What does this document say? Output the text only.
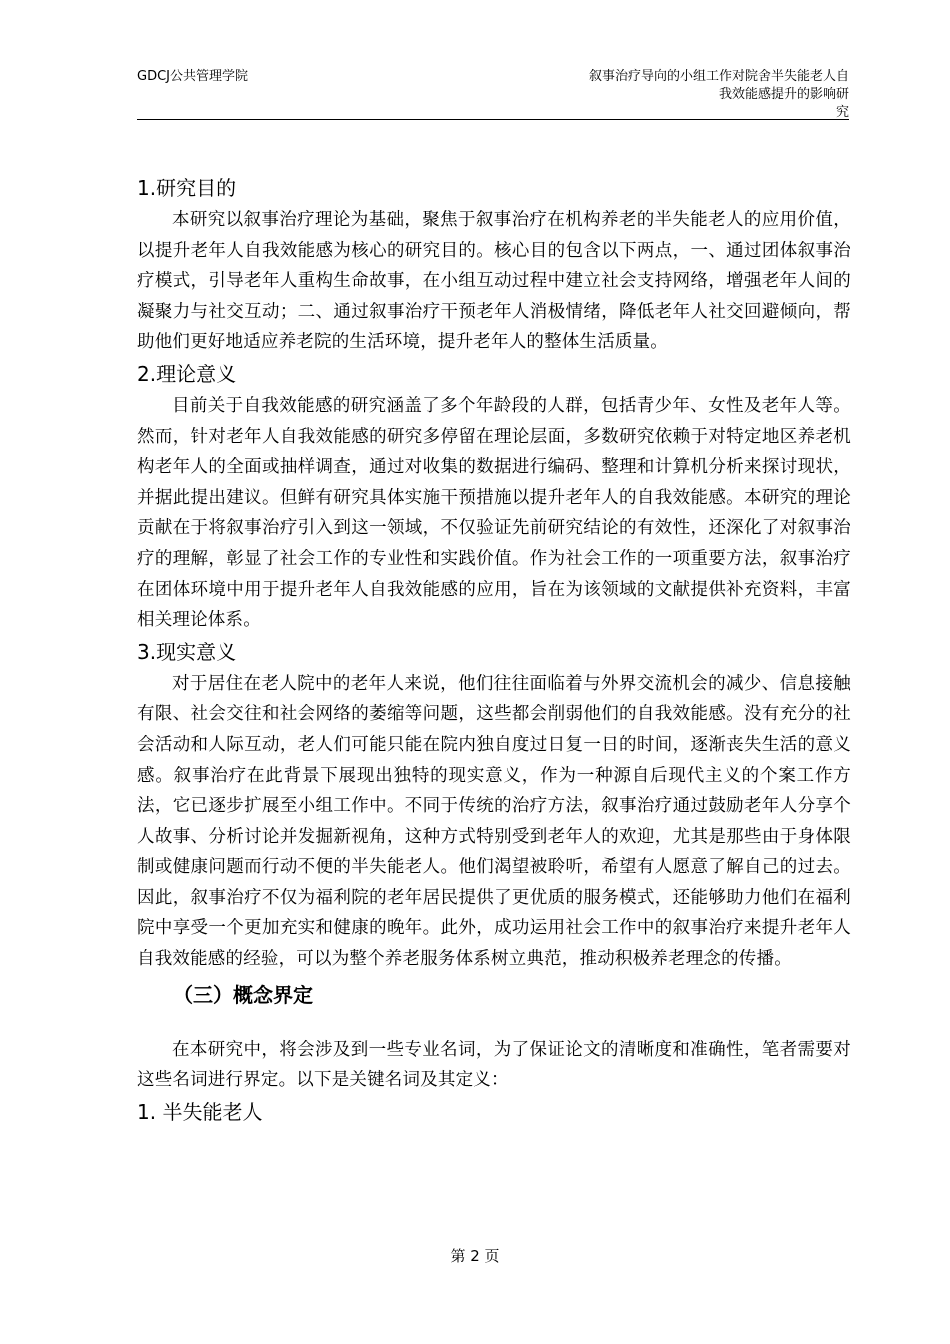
GDCJ公共管理学院	叙事治疗导向的小组工作对院舍半失能老人自
我效能感提升的影响研
究
1.研究目的

本研究以叙事治疗理论为基础，聚焦于叙事治疗在机构养老的半失能老人的应用价值，以提升老年人自我效能感为核心的研究目的。核心目的包含以下两点，一、通过团体叙事治疗模式，引导老年人重构生命故事，在小组互动过程中建立社会支持网络，增强老年人间的凝聚力与社交互动；二、通过叙事治疗干预老年人消极情绪，降低老年人社交回避倾向，帮助他们更好地适应养老院的生活环境，提升老年人的整体生活质量。

2.理论意义

目前关于自我效能感的研究涵盖了多个年龄段的人群，包括青少年、女性及老年人等。然而，针对老年人自我效能感的研究多停留在理论层面，多数研究依赖于对特定地区养老机构老年人的全面或抽样调查，通过对收集的数据进行编码、整理和计算机分析来探讨现状，并据此提出建议。但鲜有研究具体实施干预措施以提升老年人的自我效能感。本研究的理论贡献在于将叙事治疗引入到这一领域，不仅验证先前研究结论的有效性，还深化了对叙事治疗的理解，彰显了社会工作的专业性和实践价值。作为社会工作的一项重要方法，叙事治疗在团体环境中用于提升老年人自我效能感的应用，旨在为该领域的文献提供补充资料，丰富相关理论体系。

3.现实意义

对于居住在老人院中的老年人来说，他们往往面临着与外界交流机会的减少、信息接触有限、社会交往和社会网络的萎缩等问题，这些都会削弱他们的自我效能感。没有充分的社会活动和人际互动，老人们可能只能在院内独自度过日复一日的时间，逐渐丧失生活的意义感。叙事治疗在此背景下展现出独特的现实意义，作为一种源自后现代主义的个案工作方法，它已逐步扩展至小组工作中。不同于传统的治疗方法，叙事治疗通过鼓励老年人分享个人故事、分析讨论并发掘新视角，这种方式特别受到老年人的欢迎，尤其是那些由于身体限制或健康问题而行动不便的半失能老人。他们渴望被聆听，希望有人愿意了解自己的过去。因此，叙事治疗不仅为福利院的老年居民提供了更优质的服务模式，还能够助力他们在福利院中享受一个更加充实和健康的晚年。此外，成功运用社会工作中的叙事治疗来提升老年人自我效能感的经验，可以为整个养老服务体系树立典范，推动积极养老理念的传播。

（三）概念界定

在本研究中，将会涉及到一些专业名词，为了保证论文的清晰度和准确性，笔者需要对这些名词进行界定。以下是关键名词及其定义：

1. 半失能老人
第 2 页
